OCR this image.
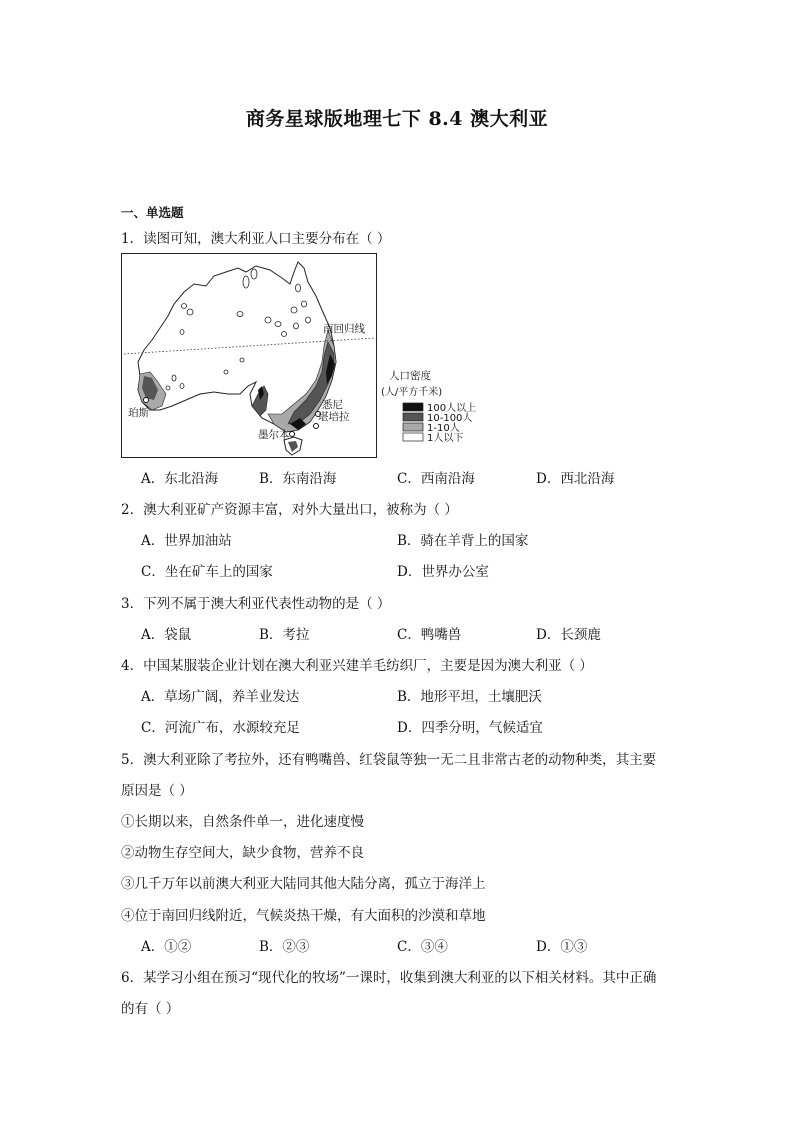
商务星球版地理七下 8.4 澳大利亚
一、单选题
1．读图可知，澳大利亚人口主要分布在（ ）
南回归线
人口密度
(人/平方千米)
100人以上
10-100人
1-10人
1人以下
珀斯
悉尼
堪培拉
墨尔本
A．东北沿海	B．东南沿海	C．西南沿海	D．西北沿海
2．澳大利亚矿产资源丰富，对外大量出口，被称为（ ）
A．世界加油站	B．骑在羊背上的国家
C．坐在矿车上的国家	D．世界办公室
3．下列不属于澳大利亚代表性动物的是（ ）
A．袋鼠	B．考拉	C．鸭嘴兽	D．长颈鹿
4．中国某服装企业计划在澳大利亚兴建羊毛纺织厂，主要是因为澳大利亚（ ）
A．草场广阔，养羊业发达	B．地形平坦，土壤肥沃
C．河流广布，水源较充足	D．四季分明，气候适宜
5．澳大利亚除了考拉外，还有鸭嘴兽、红袋鼠等独一无二且非常古老的动物种类，其主要
原因是（ ）
①长期以来，自然条件单一，进化速度慢
②动物生存空间大，缺少食物，营养不良
③几千万年以前澳大利亚大陆同其他大陆分离，孤立于海洋上
④位于南回归线附近，气候炎热干燥，有大面积的沙漠和草地
A．①②	B．②③	C．③④	D．①③
6．某学习小组在预习“现代化的牧场”一课时，收集到澳大利亚的以下相关材料。其中正确
的有（ ）
